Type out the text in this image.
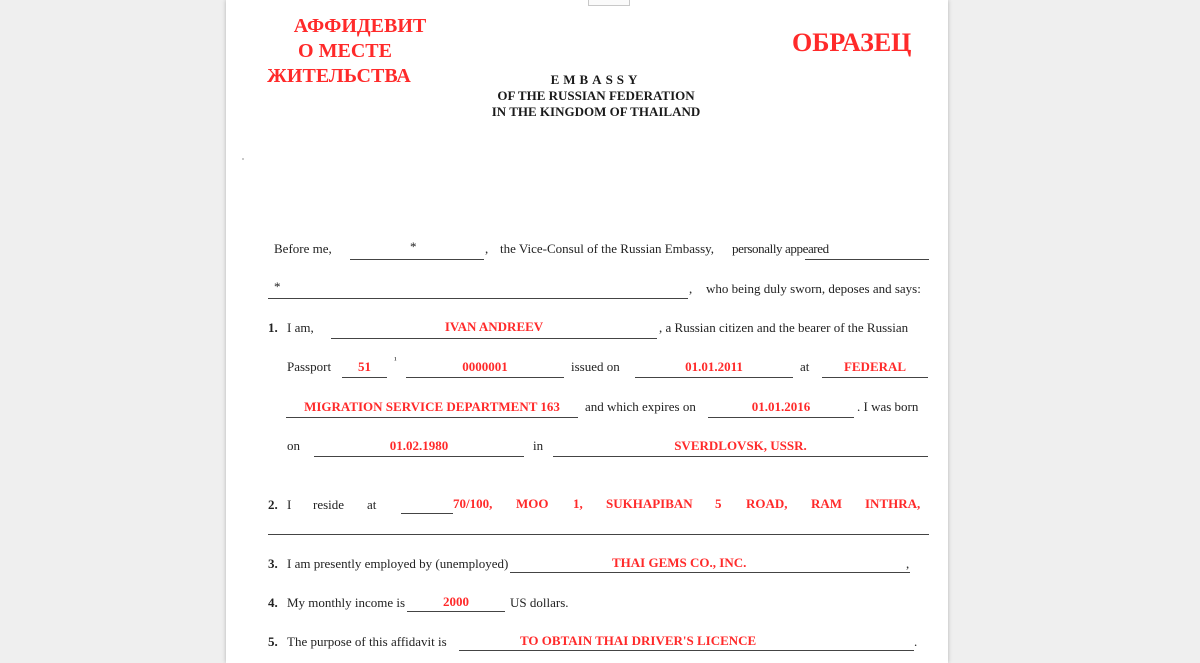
АФФИДЕВИТ
О МЕСТЕ
ЖИТЕЛЬСТВА
ОБРАЗЕЦ
EMBASSY
OF THE RUSSIAN FEDERATION
IN THE KINGDOM OF THAILAND
Before me,	*	, the Vice-Consul of the Russian Embassy, personally appeared
*	, who being duly sworn, deposes and says:
1. I am,	IVAN ANDREEV	, a Russian citizen and the bearer of the Russian
Passport	51	¹	0000001	issued on	01.01.2011	at	FEDERAL
MIGRATION SERVICE DEPARTMENT 163	and which expires on	01.01.2016	. I was born
on	01.02.1980	in	SVERDLOVSK, USSR.
2. I reside at	70/100, MOO 1, SUKHAPIBAN 5 ROAD, RAM INTHRA,
3. I am presently employed by (unemployed)	THAI GEMS CO., INC.	,
4. My monthly income is	2000	US dollars.
5. The purpose of this affidavit is	TO OBTAIN THAI DRIVER'S LICENCE	.
